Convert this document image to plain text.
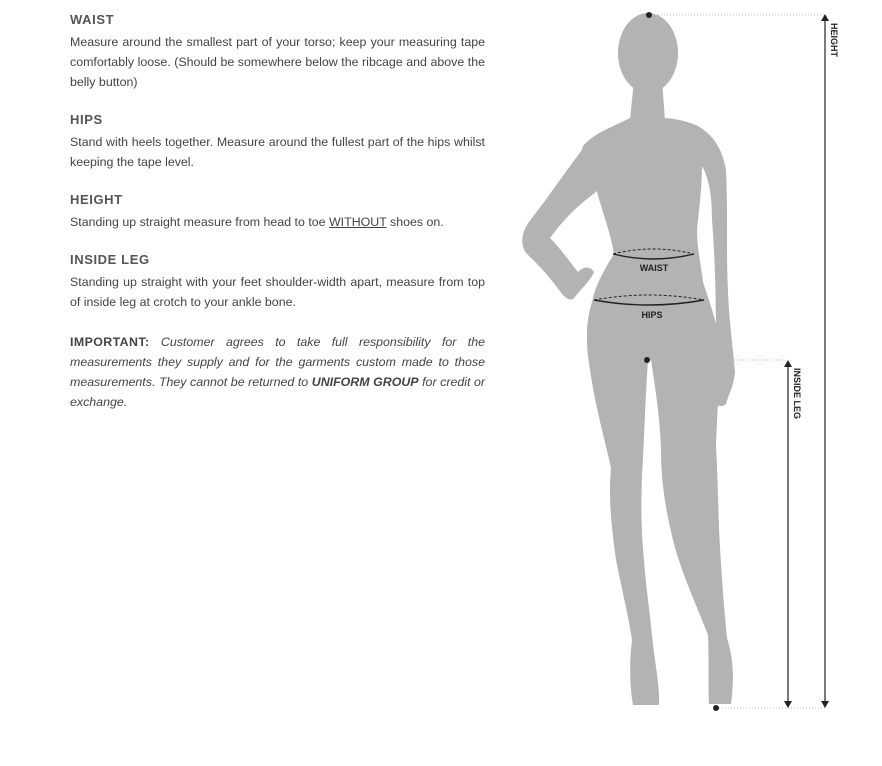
WAIST

Measure around the smallest part of your torso; keep your measuring tape comfortably loose. (Should be somewhere below the ribcage and above the belly button)

HIPS

Stand with heels together. Measure around the fullest part of the hips whilst keeping the tape level.

HEIGHT

Standing up straight measure from head to toe WITHOUT shoes on.

INSIDE LEG

Standing up straight with your feet shoulder-width apart, measure from top of inside leg at crotch to your ankle bone.

IMPORTANT: Customer agrees to take full responsibility for the measurements they supply and for the garments custom made to those measurements. They cannot be returned to UNIFORM GROUP for credit or exchange.

HEIGHT
INSIDE LEG
WAIST
HIPS
